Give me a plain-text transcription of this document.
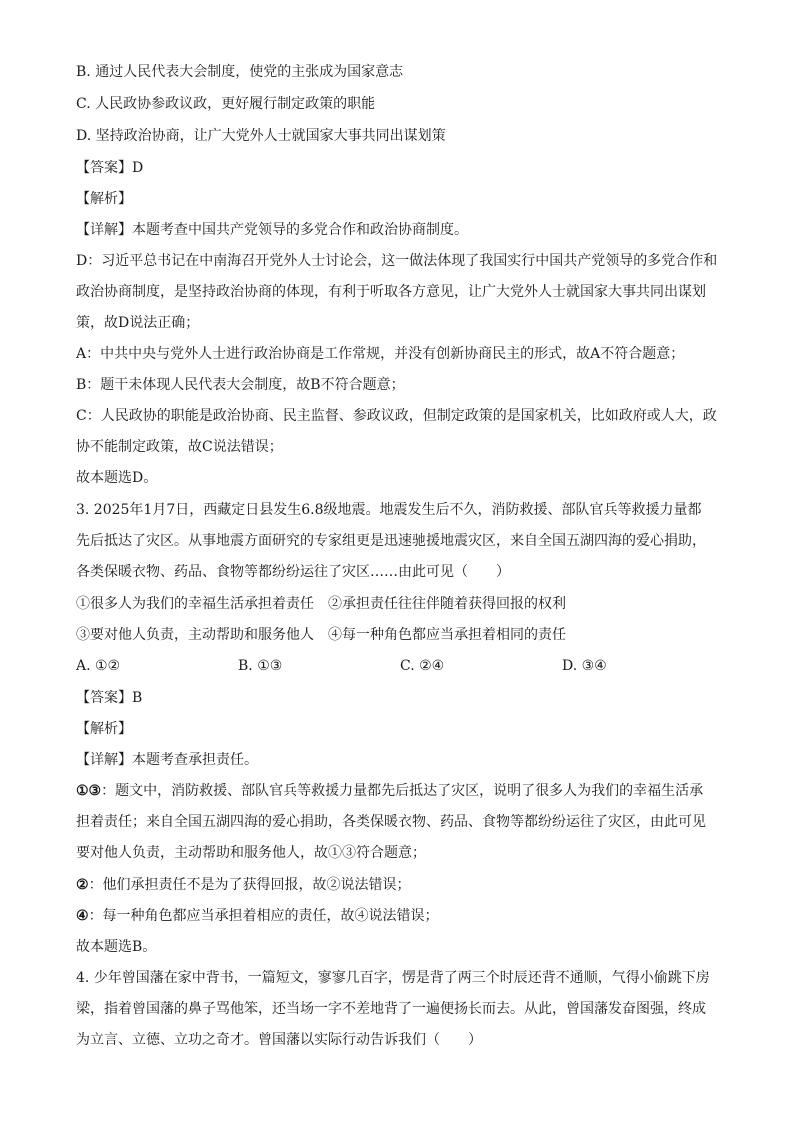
B. 通过人民代表大会制度，使党的主张成为国家意志
C. 人民政协参政议政，更好履行制定政策的职能
D. 坚持政治协商，让广大党外人士就国家大事共同出谋划策
【答案】D
【解析】
【详解】本题考查中国共产党领导的多党合作和政治协商制度。
D：习近平总书记在中南海召开党外人士讨论会，这一做法体现了我国实行中国共产党领导的多党合作和
政治协商制度，是坚持政治协商的体现，有利于听取各方意见，让广大党外人士就国家大事共同出谋划
策，故D说法正确；
A：中共中央与党外人士进行政治协商是工作常规，并没有创新协商民主的形式，故A不符合题意；
B：题干未体现人民代表大会制度，故B不符合题意；
C：人民政协的职能是政治协商、民主监督、参政议政，但制定政策的是国家机关，比如政府或人大，政
协不能制定政策，故C说法错误；
故本题选D。
3. 2025年1月7日，西藏定日县发生6.8级地震。地震发生后不久，消防救援、部队官兵等救援力量都
先后抵达了灾区。从事地震方面研究的专家组更是迅速驰援地震灾区，来自全国五湖四海的爱心捐助，
各类保暖衣物、药品、食物等都纷纷运往了灾区……由此可见（　　）
①很多人为我们的幸福生活承担着责任　②承担责任往往伴随着获得回报的权利
③要对他人负责，主动帮助和服务他人　④每一种角色都应当承担着相同的责任
A. ①②	B. ①③	C. ②④	D. ③④
【答案】B
【解析】
【详解】本题考查承担责任。
①③：题文中，消防救援、部队官兵等救援力量都先后抵达了灾区，说明了很多人为我们的幸福生活承
担着责任；来自全国五湖四海的爱心捐助，各类保暖衣物、药品、食物等都纷纷运往了灾区，由此可见
要对他人负责，主动帮助和服务他人，故①③符合题意；
②：他们承担责任不是为了获得回报，故②说法错误；
④：每一种角色都应当承担着相应的责任，故④说法错误；
故本题选B。
4. 少年曾国藩在家中背书，一篇短文，寥寥几百字，愣是背了两三个时辰还背不通顺，气得小偷跳下房
梁，指着曾国藩的鼻子骂他笨，还当场一字不差地背了一遍便扬长而去。从此，曾国藩发奋图强，终成
为立言、立德、立功之奇才。曾国藩以实际行动告诉我们（　　）
